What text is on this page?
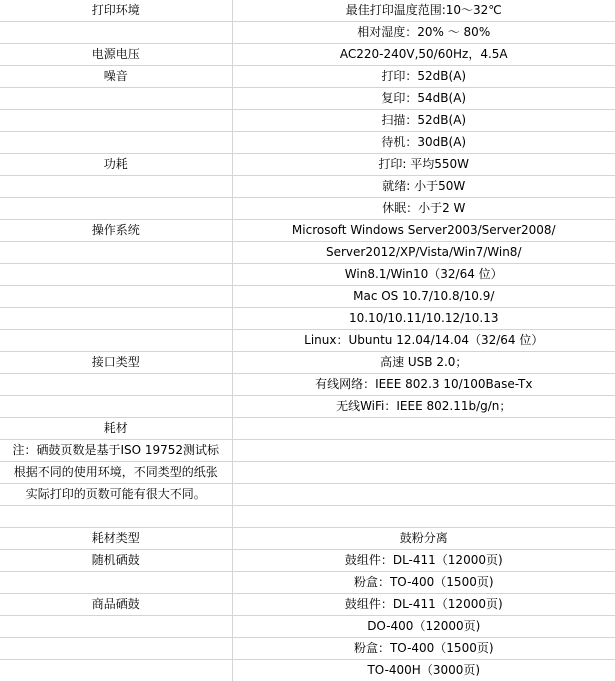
打印环境	最佳打印温度范围:10～32℃
	相对湿度：20% ～ 80%
电源电压	AC220-240V,50/60Hz，4.5A
噪音	打印：52dB(A)
	复印：54dB(A)
	扫描：52dB(A)
	待机：30dB(A)
功耗	打印: 平均550W
	就绪: 小于50W
	休眠：小于2 W
操作系统	Microsoft Windows Server2003/Server2008/
	Server2012/XP/Vista/Win7/Win8/
	Win8.1/Win10（32/64 位）
	Mac OS 10.7/10.8/10.9/
	10.10/10.11/10.12/10.13
	Linux：Ubuntu 12.04/14.04（32/64 位）
接口类型	高速 USB 2.0；
	有线网络：IEEE 802.3 10/100Base-Tx
	无线WiFi：IEEE 802.11b/g/n；
耗材	
注：硒鼓页数是基于ISO 19752测试标	
根据不同的使用环境，不同类型的纸张	
实际打印的页数可能有很大不同。	

耗材类型	鼓粉分离
随机硒鼓	鼓组件：DL-411（12000页)
	粉盒：TO-400（1500页)
商品硒鼓	鼓组件：DL-411（12000页)
	DO-400（12000页)
	粉盒：TO-400（1500页)
	TO-400H（3000页)
